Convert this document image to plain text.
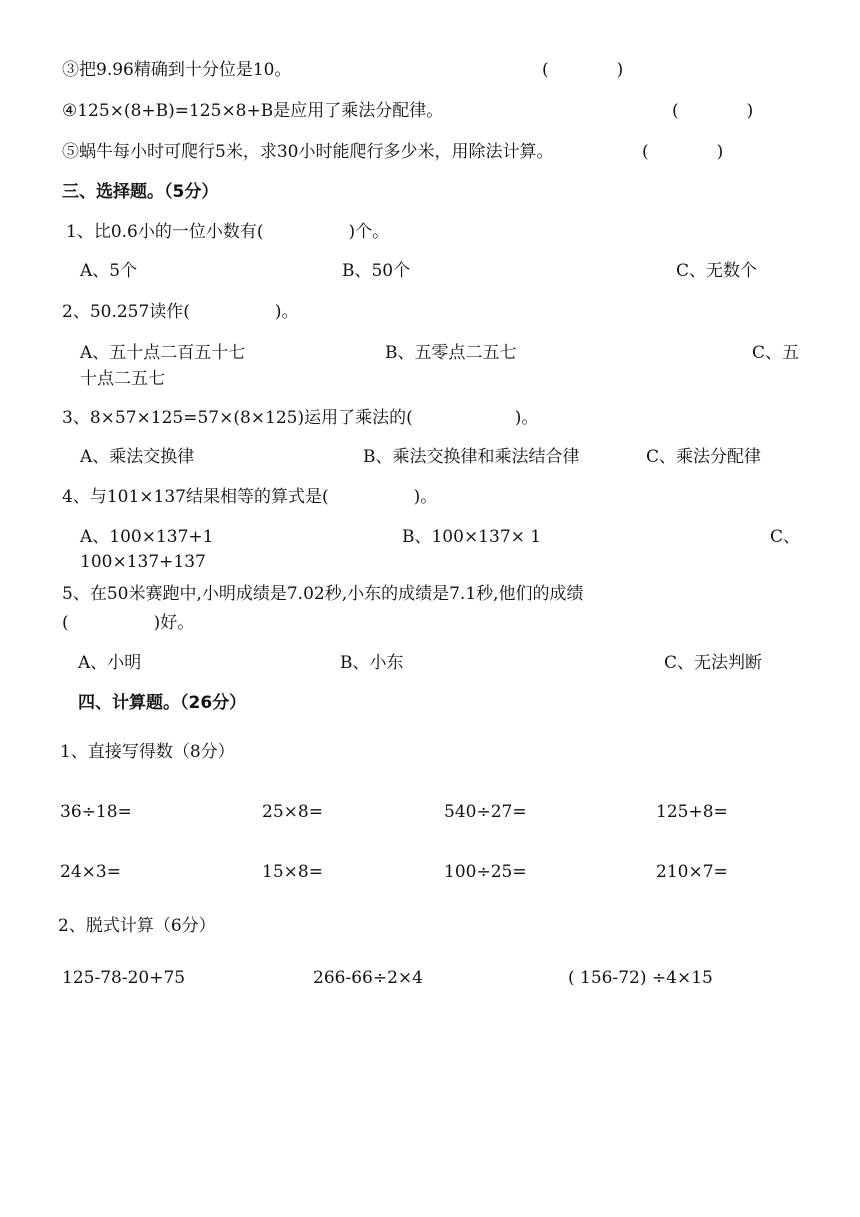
③把9.96精确到十分位是10。	(　　　　)
④125×(8+B)=125×8+B是应用了乘法分配律。	(　　　　)
⑤蜗牛每小时可爬行5米，求30小时能爬行多少米，用除法计算。	(　　　　)
三、选择题。（5分）
1、比0.6小的一位小数有(　　　　　)个。
A、5个	B、50个	C、无数个
2、50.257读作(　　　　　)。
A、五十点二百五十七	B、五零点二五七	C、五
十点二五七
3、8×57×125=57×(8×125)运用了乘法的(　　　　　　)。
A、乘法交换律	B、乘法交换律和乘法结合律	C、乘法分配律
4、与101×137结果相等的算式是(　　　　　)。
A、100×137+1	B、100×137× 1	C、
100×137+137
5、在50米赛跑中,小明成绩是7.02秒,小东的成绩是7.1秒,他们的成绩
(　　　　　)好。
A、小明	B、小东	C、无法判断
四、计算题。（26分）
1、直接写得数（8分）
36÷18=	25×8=	540÷27=	125+8=
24×3=	15×8=	100÷25=	210×7=
2、脱式计算（6分）
125-78-20+75	266-66÷2×4	( 156-72) ÷4×15
